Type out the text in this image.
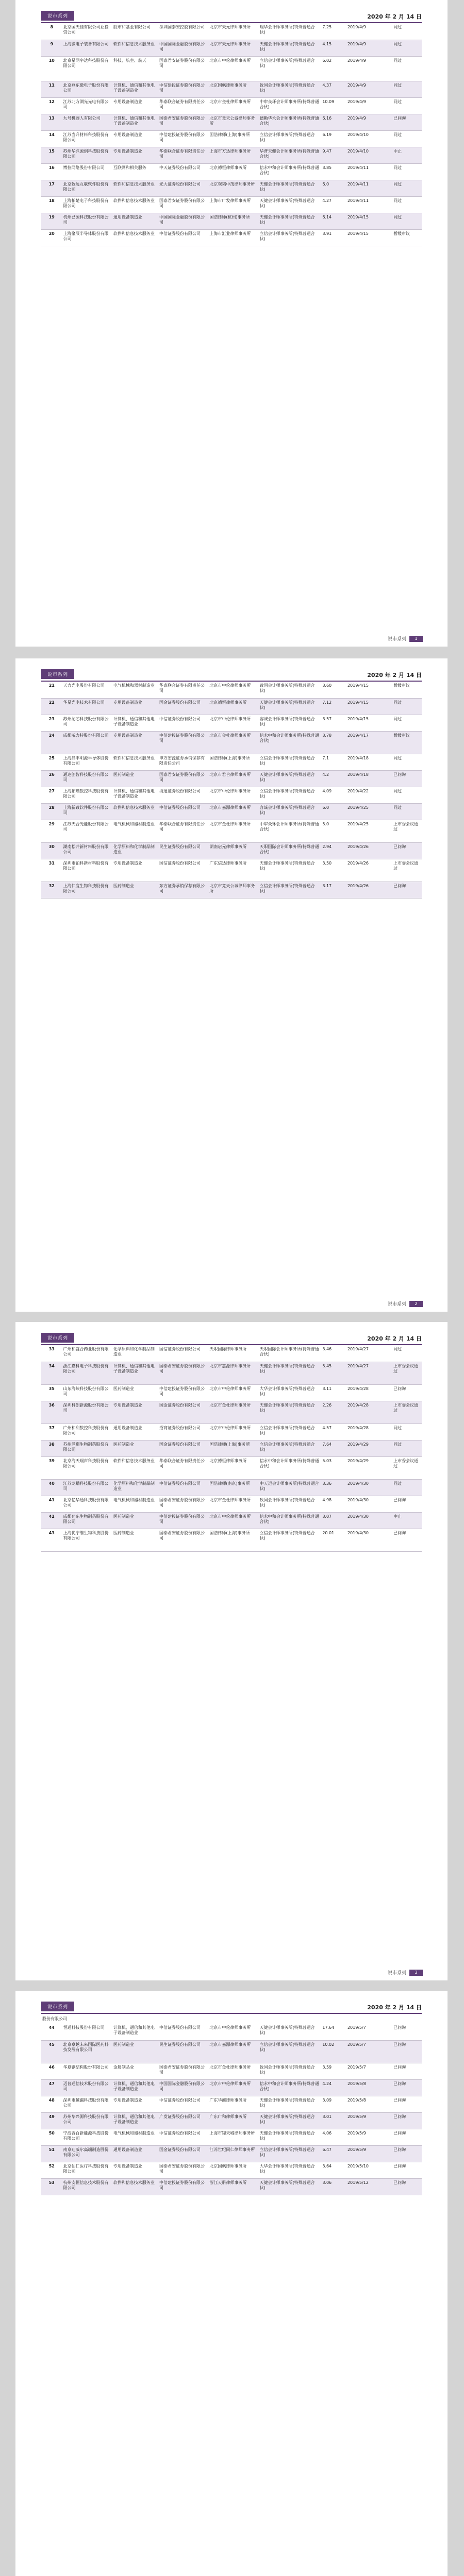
说市系列	2020 年 2 月 14 日
8	北京国天佳有限公司业投资公司	股市和基金有限公司	深圳国泰安控股有限公司	北京市天元律师事务所	瑞华会计师事务所(特殊普通合伙)	7.25	2019/4/9	同过
9	上海微电子装备有限公司	软件和信息技术服务业	中国国际金融股份有限公司	北京市天元律师事务所	天健会计师事务所(特殊普通合伙)	4.15	2019/4/9	同过
10	北京星网宇达科技股份有限公司	科技、航空、航天	国泰君安证券股份有限公司	北京市中伦律师事务所	立信会计师事务所(特殊普通合伙)	6.02	2019/4/9	同过
11	北京燕东微电子股份有限公司	计算机、通信和其他电子设备制造业	中信建投证券股份有限公司	北京国枫律师事务所	致同会计师事务所(特殊普通合伙)	4.37	2019/4/9	同过
12	江苏北方湖光光电有限公司	专用设备制造业	华泰联合证券有限责任公司	北京市金杜律师事务所	中审众环会计师事务所(特殊普通合伙)	10.09	2019/4/9	同过
13	九号机器人有限公司	计算机、通信和其他电子设备制造业	国泰君安证券股份有限公司	北京市竞天公诚律师事务所	德勤华永会计师事务所(特殊普通合伙)	6.16	2019/4/9	已问询
14	江苏当升材料科技股份有限公司	专用设备制造业	中信建投证券股份有限公司	国浩律师(上海)事务所	立信会计师事务所(特殊普通合伙)	6.19	2019/4/10	同过
15	苏州华兴源创科技股份有限公司	专用设备制造业	华泰联合证券有限责任公司	上海市方达律师事务所	华普天健会计师事务所(特殊普通合伙)	9.47	2019/4/10	中止
16	博拉网络股份有限公司	互联网和相关服务	中天证券股份有限公司	北京德恒律师事务所	信永中和会计师事务所(特殊普通合伙)	3.85	2019/4/11	同过
17	北京致远互联软件股份有限公司	软件和信息技术服务业	光大证券股份有限公司	北京观韬中茂律师事务所	天健会计师事务所(特殊普通合伙)	6.0	2019/4/11	同过
18	上海柏楚电子科技股份有限公司	软件和信息技术服务业	国泰君安证券股份有限公司	上海市广发律师事务所	天健会计师事务所(特殊普通合伙)	4.27	2019/4/11	同过
19	杭州已源科技股份有限公司	通用设备制造业	中国国际金融股份有限公司	国浩律师(杭州)事务所	天健会计师事务所(特殊普通合伙)	6.14	2019/4/15	同过
20	上海聚辰半导体股份有限公司	软件和信息技术服务业	中信证券股份有限公司	上海市汇业律师事务所	立信会计师事务所(特殊普通合伙)	3.91	2019/4/15	暂缓审议
说市系列	1
说市系列	2020 年 2 月 14 日
21	天力光电股份有限公司	电气机械和器材制造业	华泰联合证券有限责任公司	北京市中伦律师事务所	致同会计师事务所(特殊普通合伙)	3.60	2019/4/15	暂缓审议
22	华星光电技术有限公司	专用设备制造业	国金证券股份有限公司	北京德恒律师事务所	天健会计师事务所(特殊普通合伙)	7.12	2019/4/15	同过
23	苏州沁芯科技股份有限公司	计算机、通信和其他电子设备制造业	中信证券股份有限公司	北京市中伦律师事务所	容诚会计师事务所(特殊普通合伙)	3.57	2019/4/15	同过
24	成都威力特股份有限公司	专用设备制造业	中信建投证券股份有限公司	北京市金杜律师事务所	信永中和会计师事务所(特殊普通合伙)	3.78	2019/4/17	暂缓审议
25	上海晶丰明源半导体股份有限公司	软件和信息技术服务业	申万宏源证券承销保荐有限责任公司	国浩律师(上海)事务所	立信会计师事务所(特殊普通合伙)	7.1	2019/4/18	同过
26	通达创智科技股份有限公司	医药制造业	国泰君安证券股份有限公司	北京市君合律师事务所	天健会计师事务所(特殊普通合伙)	4.2	2019/4/18	已问询
27	上海拓璞数控科技股份有限公司	计算机、通信和其他电子设备制造业	海通证券股份有限公司	北京市中伦律师事务所	立信会计师事务所(特殊普通合伙)	4.09	2019/4/22	同过
28	上海新致软件股份有限公司	软件和信息技术服务业	中信证券股份有限公司	北京市嘉源律师事务所	容诚会计师事务所(特殊普通合伙)	6.0	2019/4/25	同过
29	江苏天合光能股份有限公司	电气机械和器材制造业	华泰联合证券有限责任公司	北京市金杜律师事务所	中审众环会计师事务所(特殊普通合伙)	5.0	2019/4/25	上市委会议通过
30	湖南松井新材料股份有限公司	化学原料和化学制品制造业	民生证券股份有限公司	湖南启元律师事务所	天职国际会计师事务所(特殊普通合伙)	2.94	2019/4/26	已问询
31	深圳市铂科新材料股份有限公司	专用设备制造业	国信证券股份有限公司	广东信达律师事务所	天健会计师事务所(特殊普通合伙)	3.50	2019/4/26	上市委会议通过
32	上海仁度生物科技股份有限公司	医药制造业	东方证券承销保荐有限公司	北京市竞天公诚律师事务所	立信会计师事务所(特殊普通合伙)	3.17	2019/4/26	已问询
说市系列	2
说市系列	2020 年 2 月 14 日
33	广州和盛合药业股份有限公司	化学原料和化学制品制造业	国信证券股份有限公司	天职国际律师事务所	天职国际会计师事务所(特殊普通合伙)	3.46	2019/4/27	同过
34	浙江嘉科电子科技股份有限公司	计算机、通信和其他电子设备制造业	国泰君安证券股份有限公司	北京市嘉源律师事务所	天健会计师事务所(特殊普通合伙)	5.45	2019/4/27	上市委会议通过
35	山东海峡科技股份有限公司	医药制造业	中信建投证券股份有限公司	北京市中伦律师事务所	大华会计师事务所(特殊普通合伙)	3.11	2019/4/28	已问询
36	深圳科创新源股份有限公司	专用设备制造业	国金证券股份有限公司	北京市金杜律师事务所	天健会计师事务所(特殊普通合伙)	2.26	2019/4/28	上市委会议通过
37	广州和利数控科技股份有限公司	通用设备制造业	招商证券股份有限公司	北京市中伦律师事务所	立信会计师事务所(特殊普通合伙)	4.57	2019/4/28	同过
38	苏州泽璟生物制药股份有限公司	医药制造业	国金证券股份有限公司	国浩律师(上海)事务所	立信会计师事务所(特殊普通合伙)	7.64	2019/4/29	同过
39	北京海天瑞声科技股份有限公司	软件和信息技术服务业	华泰联合证券有限责任公司	北京德恒律师事务所	信永中和会计师事务所(特殊普通合伙)	5.03	2019/4/29	上市委会议通过
40	江苏龙蟠科技股份有限公司	化学原料和化学制品制造业	中信证券股份有限公司	国浩律师(南京)事务所	中天运会计师事务所(特殊普通合伙)	3.36	2019/4/30	同过
41	北京亿华通科技股份有限公司	电气机械和器材制造业	国泰君安证券股份有限公司	北京市金杜律师事务所	致同会计师事务所(特殊普通合伙)	4.98	2019/4/30	已问询
42	成都苑东生物制药股份有限公司	医药制造业	中信建投证券股份有限公司	北京市中伦律师事务所	信永中和会计师事务所(特殊普通合伙)	3.07	2019/4/30	中止
43	上海优宁维生物科技股份有限公司	医药制造业	国泰君安证券股份有限公司	国浩律师(上海)事务所	立信会计师事务所(特殊普通合伙)	20.01	2019/4/30	已问询
说市系列	3
说市系列	2020 年 2 月 14 日
股份有限公司
44	恒通科技股份有限公司	计算机、通信和其他电子设备制造业	中信证券股份有限公司	北京市中伦律师事务所	天健会计师事务所(特殊普通合伙)	17.64	2019/5/7	已问询
45	北京卓越未来国际医药科技发展有限公司	医药制造业	民生证券股份有限公司	北京市嘉源律师事务所	立信会计师事务所(特殊普通合伙)	10.02	2019/5/7	已问询
46	华夏钢结构股份有限公司	金属制品业	国泰君安证券股份有限公司	北京市金杜律师事务所	致同会计师事务所(特殊普通合伙)	3.59	2019/5/7	已问询
47	迈普通信技术股份有限公司	计算机、通信和其他电子设备制造业	中国国际金融股份有限公司	北京市中伦律师事务所	信永中和会计师事务所(特殊普通合伙)	4.24	2019/5/8	已问询
48	深圳市越疆科技股份有限公司	专用设备制造业	中信证券股份有限公司	广东华商律师事务所	天健会计师事务所(特殊普通合伙)	3.09	2019/5/8	已问询
49	苏州华兴源科技股份有限公司	计算机、通信和其他电子设备制造业	广发证券股份有限公司	广东广和律师事务所	天健会计师事务所(特殊普通合伙)	3.01	2019/5/9	已问询
50	宁波容百新能源科技股份有限公司	电气机械和器材制造业	中信证券股份有限公司	上海市锦天城律师事务所	天健会计师事务所(特殊普通合伙)	4.06	2019/5/9	已问询
51	南京迪威尔高端制造股份有限公司	通用设备制造业	国金证券股份有限公司	江苏世纪同仁律师事务所	立信会计师事务所(特殊普通合伙)	6.47	2019/5/9	已问询
52	北京佰仁医疗科技股份有限公司	专用设备制造业	国泰君安证券股份有限公司	北京国枫律师事务所	大华会计师事务所(特殊普通合伙)	3.64	2019/5/10	已问询
53	杭州安恒信息技术股份有限公司	软件和信息技术服务业	中信建投证券股份有限公司	浙江天册律师事务所	天健会计师事务所(特殊普通合伙)	3.06	2019/5/12	已问询
